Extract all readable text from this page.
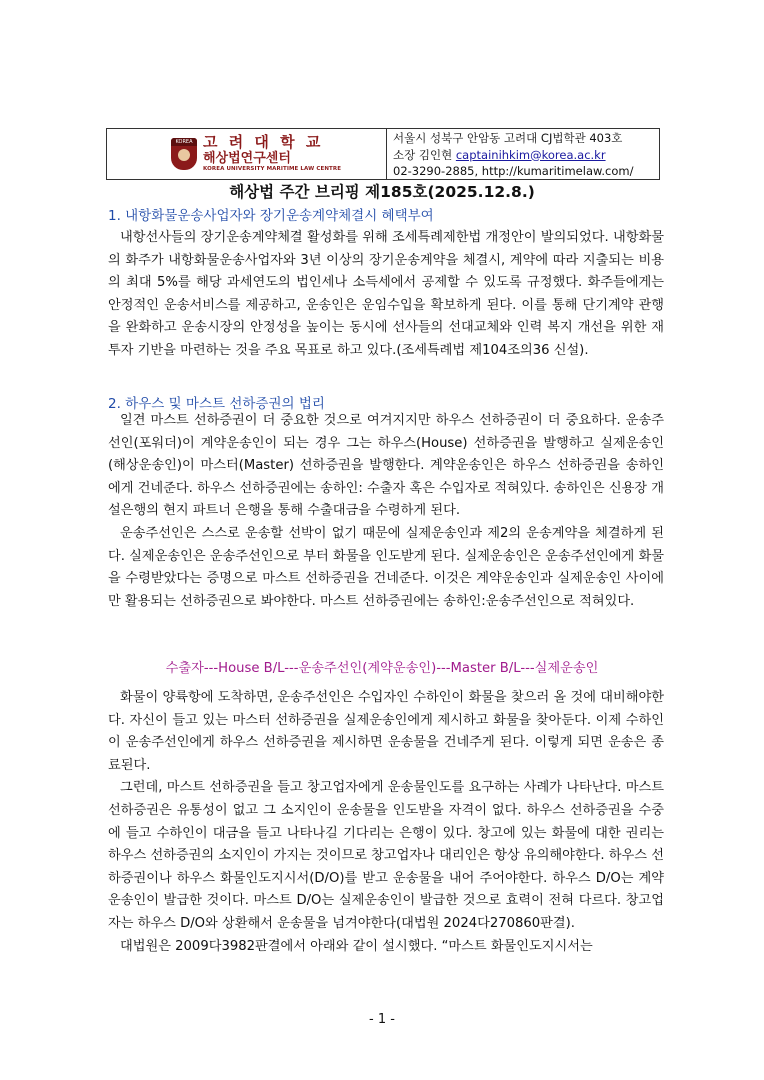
KOREA 고 려 대 학 교
해상법연구센터
KOREA UNIVERSITY MARITIME LAW CENTRE
서울시 성북구 안암동 고려대 CJ법학관 403호
소장 김인현 captainihkim@korea.ac.kr
02-3290-2885, http://kumaritimelaw.com/
해상법 주간 브리핑 제185호(2025.12.8.)
1. 내항화물운송사업자와 장기운송계약체결시 혜택부여

내항선사들의 장기운송계약체결 활성화를 위해 조세특례제한법 개정안이 발의되었다. 내항화물의 화주가 내항화물운송사업자와 3년 이상의 장기운송계약을 체결시, 계약에 따라 지출되는 비용의 최대 5%를 해당 과세연도의 법인세나 소득세에서 공제할 수 있도록 규정했다. 화주들에게는 안정적인 운송서비스를 제공하고, 운송인은 운임수입을 확보하게 된다. 이를 통해 단기계약 관행을 완화하고 운송시장의 안정성을 높이는 동시에 선사들의 선대교체와 인력 복지 개선을 위한 재투자 기반을 마련하는 것을 주요 목표로 하고 있다.(조세특례법 제104조의36 신설).

2. 하우스 및 마스트 선하증권의 법리

일견 마스트 선하증권이 더 중요한 것으로 여겨지지만 하우스 선하증권이 더 중요하다. 운송주선인(포워더)이 계약운송인이 되는 경우 그는 하우스(House) 선하증권을 발행하고 실제운송인(해상운송인)이 마스터(Master) 선하증권을 발행한다. 계약운송인은 하우스 선하증권을 송하인에게 건네준다. 하우스 선하증권에는 송하인: 수출자 혹은 수입자로 적혀있다. 송하인은 신용장 개설은행의 현지 파트너 은행을 통해 수출대금을 수령하게 된다.

운송주선인은 스스로 운송할 선박이 없기 때문에 실제운송인과 제2의 운송계약을 체결하게 된다. 실제운송인은 운송주선인으로 부터 화물을 인도받게 된다. 실제운송인은 운송주선인에게 화물을 수령받았다는 증명으로 마스트 선하증권을 건네준다. 이것은 계약운송인과 실제운송인 사이에만 활용되는 선하증권으로 봐야한다. 마스트 선하증권에는 송하인:운송주선인으로 적혀있다.

수출자---House B/L---운송주선인(계약운송인)---Master B/L---실제운송인

화물이 양륙항에 도착하면, 운송주선인은 수입자인 수하인이 화물을 찾으러 올 것에 대비해야한다. 자신이 들고 있는 마스터 선하증권을 실제운송인에게 제시하고 화물을 찾아둔다. 이제 수하인이 운송주선인에게 하우스 선하증권을 제시하면 운송물을 건네주게 된다. 이렇게 되면 운송은 종료된다.

그런데, 마스트 선하증권을 들고 창고업자에게 운송물인도를 요구하는 사례가 나타난다. 마스트 선하증권은 유통성이 없고 그 소지인이 운송물을 인도받을 자격이 없다. 하우스 선하증권을 수중에 들고 수하인이 대금을 들고 나타나길 기다리는 은행이 있다. 창고에 있는 화물에 대한 권리는 하우스 선하증권의 소지인이 가지는 것이므로 창고업자나 대리인은 항상 유의해야한다. 하우스 선하증권이나 하우스 화물인도지시서(D/O)를 받고 운송물을 내어 주어야한다. 하우스 D/O는 계약운송인이 발급한 것이다. 마스트 D/O는 실제운송인이 발급한 것으로 효력이 전혀 다르다. 창고업자는 하우스 D/O와 상환해서 운송물을 넘겨야한다(대법원 2024다270860판결).

대법원은 2009다3982판결에서 아래와 같이 설시했다. “마스트 화물인도지시서는

- 1 -
